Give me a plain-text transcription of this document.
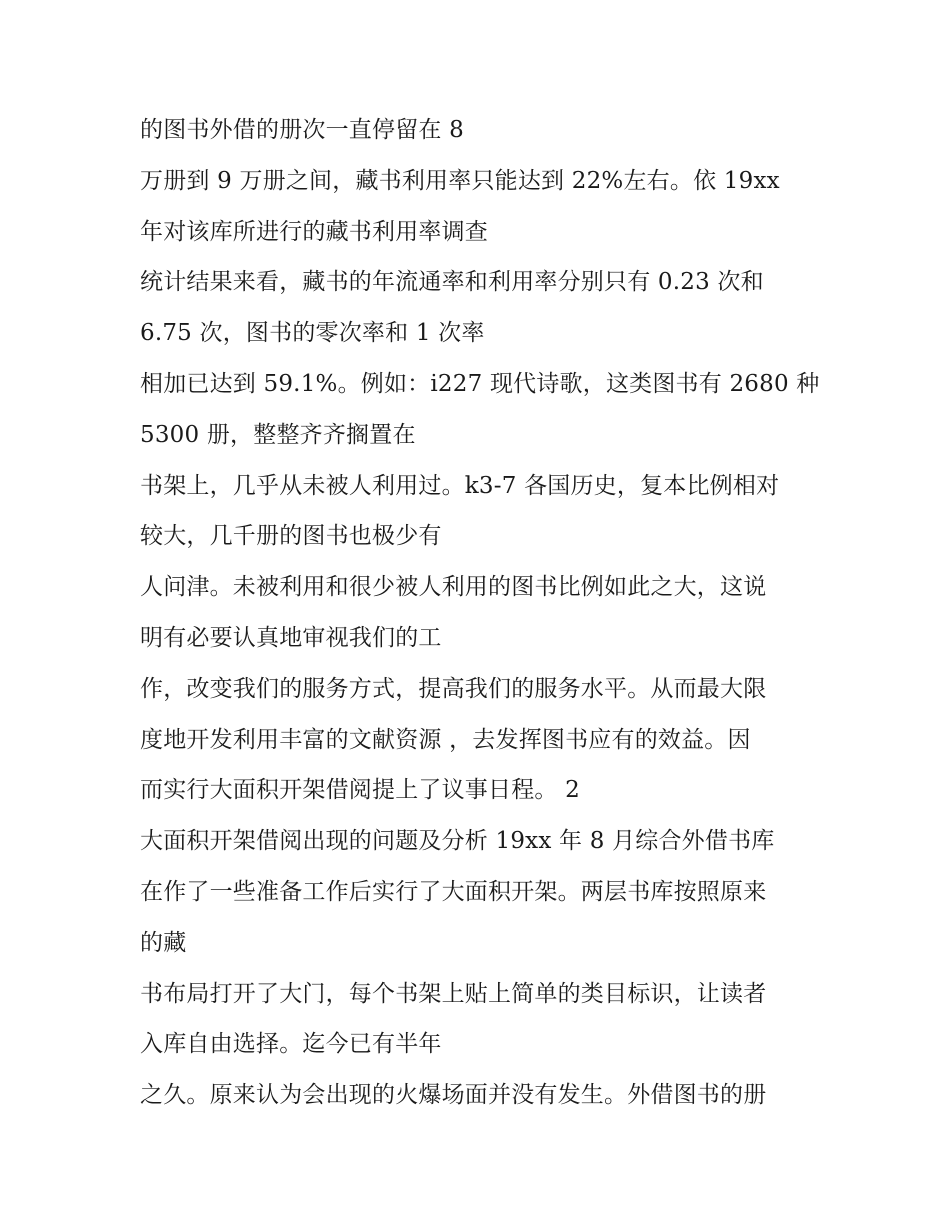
的图书外借的册次一直停留在 8
万册到 9 万册之间，藏书利用率只能达到 22%左右。依 19xx
年对该库所进行的藏书利用率调查
统计结果来看，藏书的年流通率和利用率分别只有 0.23 次和
6.75 次，图书的零次率和 1 次率
相加已达到 59.1%。例如：i227 现代诗歌，这类图书有 2680 种
5300 册，整整齐齐搁置在
书架上，几乎从未被人利用过。k3-7 各国历史，复本比例相对
较大，几千册的图书也极少有
人问津。未被利用和很少被人利用的图书比例如此之大，这说
明有必要认真地审视我们的工
作，改变我们的服务方式，提高我们的服务水平。从而最大限
度地开发利用丰富的文献资源 ，去发挥图书应有的效益。因
而实行大面积开架借阅提上了议事日程。 2
大面积开架借阅出现的问题及分析 19xx 年 8 月综合外借书库
在作了一些准备工作后实行了大面积开架。两层书库按照原来
的藏
书布局打开了大门，每个书架上贴上简单的类目标识，让读者
入库自由选择。迄今已有半年
之久。原来认为会出现的火爆场面并没有发生。外借图书的册
